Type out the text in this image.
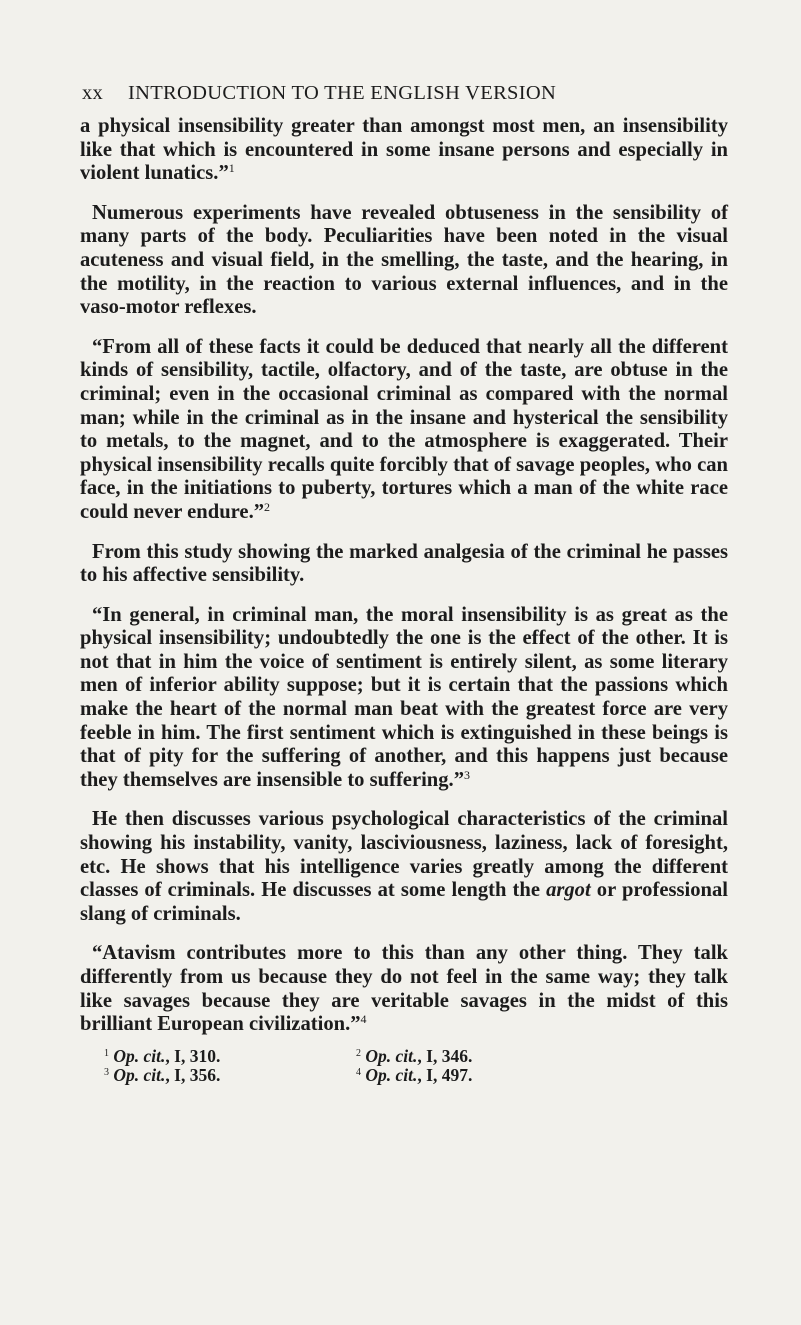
xx	INTRODUCTION TO THE ENGLISH VERSION

a physical insensibility greater than amongst most men, an insensibility like that which is encountered in some insane persons and especially in violent lunatics.”$^1$

Numerous experiments have revealed obtuseness in the sensibility of many parts of the body. Peculiarities have been noted in the visual acuteness and visual field, in the smelling, the taste, and the hearing, in the motility, in the reaction to various external influences, and in the vaso-motor reflexes.

“From all of these facts it could be deduced that nearly all the different kinds of sensibility, tactile, olfactory, and of the taste, are obtuse in the criminal; even in the occasional criminal as compared with the normal man; while in the criminal as in the insane and hysterical the sensibility to metals, to the magnet, and to the atmosphere is exaggerated. Their physical insensibility recalls quite forcibly that of savage peoples, who can face, in the initiations to puberty, tortures which a man of the white race could never endure.”$^2$

From this study showing the marked analgesia of the criminal he passes to his affective sensibility.

“In general, in criminal man, the moral insensibility is as great as the physical insensibility; undoubtedly the one is the effect of the other. It is not that in him the voice of sentiment is entirely silent, as some literary men of inferior ability suppose; but it is certain that the passions which make the heart of the normal man beat with the greatest force are very feeble in him. The first sentiment which is extinguished in these beings is that of pity for the suffering of another, and this happens just because they themselves are insensible to suffering.”$^3$

He then discusses various psychological characteristics of the criminal showing his instability, vanity, lasciviousness, laziness, lack of foresight, etc. He shows that his intelligence varies greatly among the different classes of criminals. He discusses at some length the argot or professional slang of criminals.

“Atavism contributes more to this than any other thing. They talk differently from us because they do not feel in the same way; they talk like savages because they are veritable savages in the midst of this brilliant European civilization.”$^4$

$^1$ Op. cit., I, 310.	$^2$ Op. cit., I, 346.
$^3$ Op. cit., I, 356.	$^4$ Op. cit., I, 497.
